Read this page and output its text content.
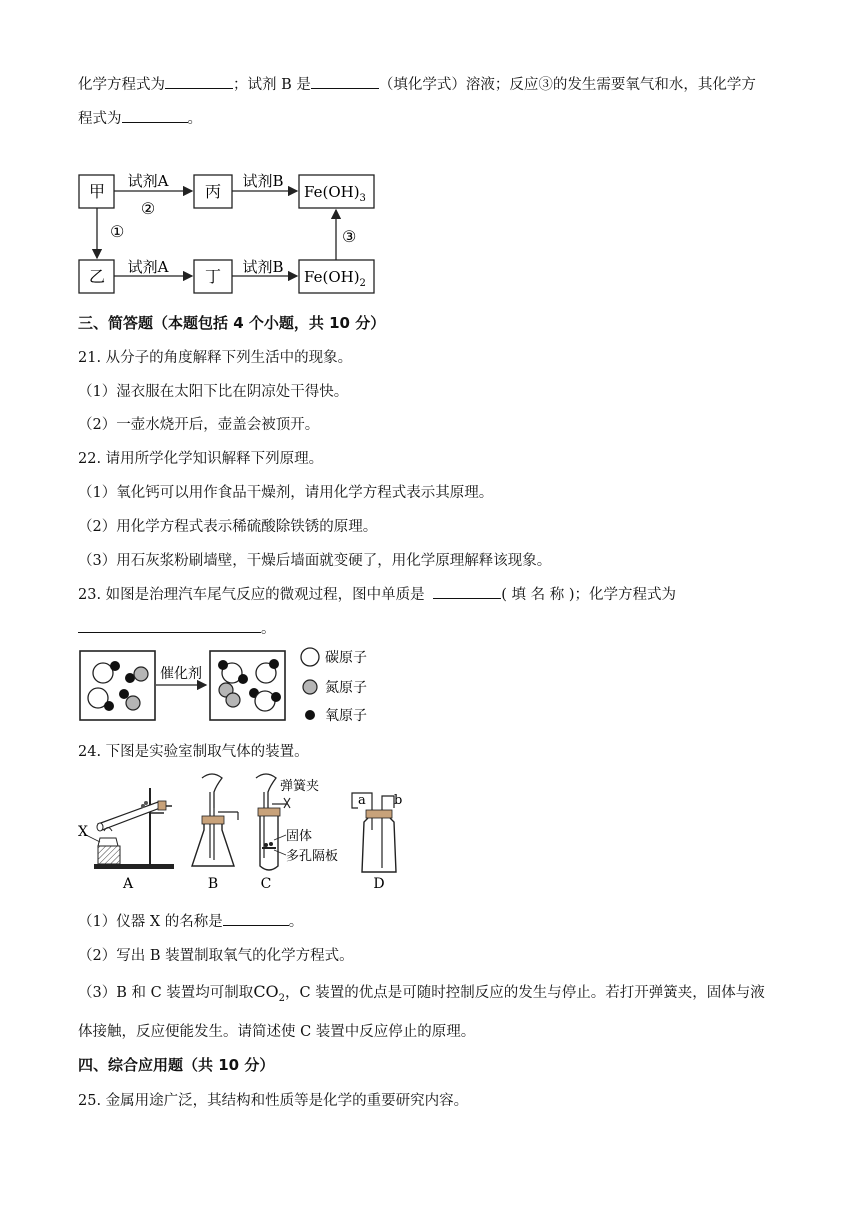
化学方程式为	；试剂 B 是	（填化学式）溶液；反应③的发生需要氧气和水，其化学方
程式为	。
甲	丙
乙	丁
$Fe(OH)_3$
$Fe(OH)_2$
试剂A
②
试剂B
①
试剂A	试剂B
③
三、简答题（本题包括 4 个小题，共 10 分）
21. 从分子的角度解释下列生活中的现象。
（1）湿衣服在太阳下比在阴凉处干得快。
（2）一壶水烧开后，壶盖会被顶开。
22. 请用所学化学知识解释下列原理。
（1）氧化钙可以用作食品干燥剂，请用化学方程式表示其原理。
（2）用化学方程式表示稀硫酸除铁锈的原理。
（3）用石灰浆粉刷墙壁，干燥后墙面就变硬了，用化学原理解释该现象。
23. 如图是治理汽车尾气反应的微观过程，图中单质是	( 填 名 称 )；化学方程式为
。
催化剂
碳原子
氮原子
氧原子
24. 下图是实验室制取气体的装置。
X
A	B
弹簧夹
固体
多孔隔板
C
a b
D
（1）仪器 X 的名称是	。
（2）写出 B 装置制取氧气的化学方程式。
（3）B 和 C 装置均可制取$CO_2$，C 装置的优点是可随时控制反应的发生与停止。若打开弹簧夹，固体与液
体接触，反应便能发生。请简述使 C 装置中反应停止的原理。
四、综合应用题（共 10 分）
25. 金属用途广泛，其结构和性质等是化学的重要研究内容。
